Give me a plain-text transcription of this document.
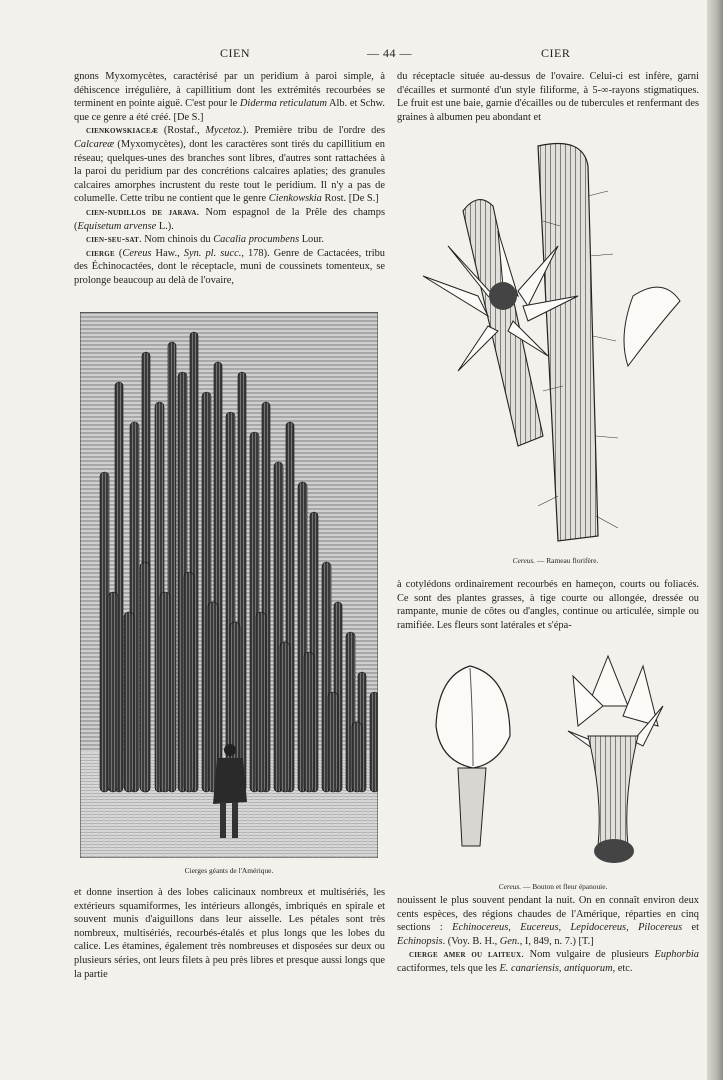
CIEN	— 44 —	CIER

gnons Myxomycètes, caractérisé par un peridium à paroi simple, à déhiscence irrégulière, à capillitium dont les extrémités recourbées se terminent en pointe aiguë. C'est pour le Diderma reticulatum Alb. et Schw. que ce genre a été créé. [De S.]

cienkowskiaceæ (Rostaf., Mycetoz.). Première tribu de l'ordre des Calcareæ (Myxomycètes), dont les caractères sont tirés du capillitium en réseau; quelques-unes des branches sont libres, d'autres sont rattachées à la paroi du peridium par des concrétions calcaires aplaties; des granules calcaires amorphes incrustent du reste tout le peridium. Il n'y a pas de columelle. Cette tribu ne contient que le genre Cienkowskia Rost. [De S.]

cien-nudillos de jarava. Nom espagnol de la Prêle des champs (Equisetum arvense L.).

cien-seu-sat. Nom chinois du Cacalia procumbens Lour.

cierge (Cereus Haw., Syn. pl. succ., 178). Genre de Cactacées, tribu des Échinocactées, dont le réceptacle, muni de coussinets tomenteux, se prolonge beaucoup au delà de l'ovaire,

Cierges géants de l'Amérique.

et donne insertion à des lobes calicinaux nombreux et multisériés, les extérieurs squamiformes, les intérieurs allongés, imbriqués en spirale et souvent munis d'aiguillons dans leur aisselle. Les pétales sont très nombreux, multisériés, recourbés-étalés et plus longs que les lobes du calice. Les étamines, également très nombreuses et disposées sur deux ou plusieurs séries, ont leurs filets à peu près libres et presque aussi longs que la partie

du réceptacle située au-dessus de l'ovaire. Celui-ci est infère, garni d'écailles et surmonté d'un style filiforme, à 5-∞-rayons stigmatiques. Le fruit est une baie, garnie d'écailles ou de tubercules et renfermant des graines à albumen peu abondant et

Cereus. — Rameau florifère.

à cotylédons ordinairement recourbés en hameçon, courts ou foliacés. Ce sont des plantes grasses, à tige courte ou allongée, dressée ou rampante, munie de côtes ou d'angles, continue ou articulée, simple ou ramifiée. Les fleurs sont latérales et s'épa-

Cereus. — Bouton et fleur épanouie.

nouissent le plus souvent pendant la nuit. On en connaît environ deux cents espèces, des régions chaudes de l'Amérique, réparties en cinq sections : Echinocereus, Eucereus, Lepidocereus, Pilocereus et Echinopsis. (Voy. B. H., Gen., I, 849, n. 7.) [T.]

cierge amer ou laiteux. Nom vulgaire de plusieurs Euphorbia cactiformes, tels que les E. canariensis, antiquorum, etc.
